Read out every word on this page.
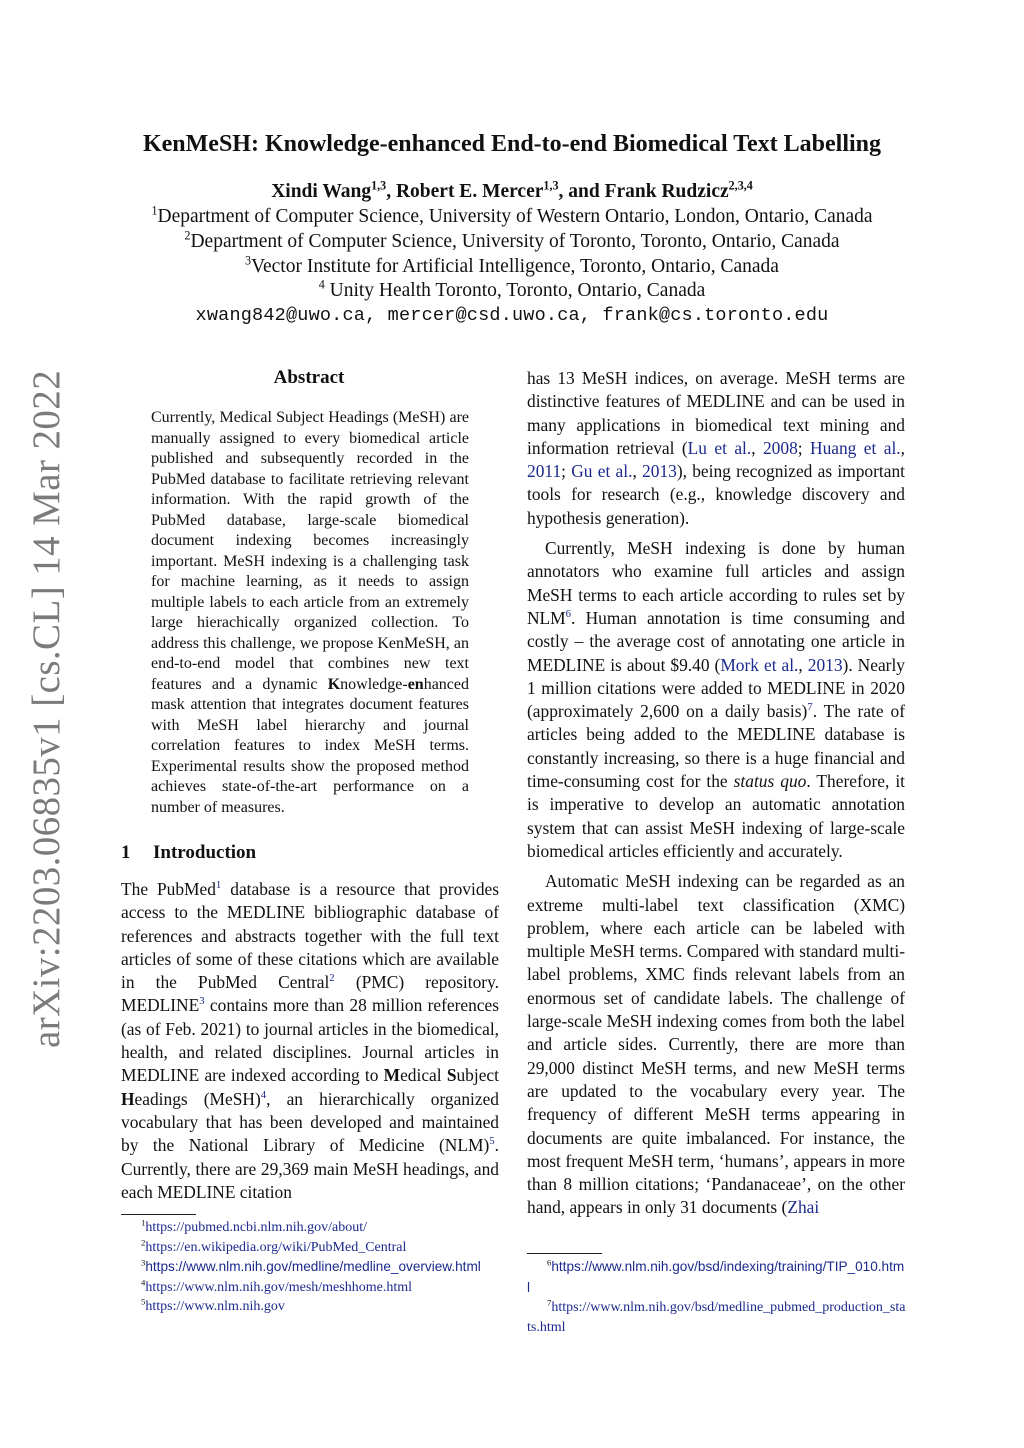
arXiv:2203.06835v1 [cs.CL] 14 Mar 2022
KenMeSH: Knowledge-enhanced End-to-end Biomedical Text Labelling
Xindi Wang$^{1,3}$, Robert E. Mercer$^{1,3}$, and Frank Rudzicz$^{2,3,4}$
$^1$Department of Computer Science, University of Western Ontario, London, Ontario, Canada
$^2$Department of Computer Science, University of Toronto, Toronto, Ontario, Canada
$^3$Vector Institute for Artificial Intelligence, Toronto, Ontario, Canada
$^4$ Unity Health Toronto, Toronto, Ontario, Canada
xwang842@uwo.ca, mercer@csd.uwo.ca, frank@cs.toronto.edu
Abstract
Currently, Medical Subject Headings (MeSH) are manually assigned to every biomedical article published and subsequently recorded in the PubMed database to facilitate retrieving relevant information. With the rapid growth of the PubMed database, large-scale biomedical document indexing becomes increasingly important. MeSH indexing is a challenging task for machine learning, as it needs to assign multiple labels to each article from an extremely large hierachically organized collection. To address this challenge, we propose KenMeSH, an end-to-end model that combines new text features and a dynamic Knowledge-enhanced mask attention that integrates document features with MeSH label hierarchy and journal correlation features to index MeSH terms. Experimental results show the proposed method achieves state-of-the-art performance on a number of measures.
1 Introduction

The PubMed$^1$ database is a resource that provides access to the MEDLINE bibliographic database of references and abstracts together with the full text articles of some of these citations which are available in the PubMed Central$^2$ (PMC) repository. MEDLINE$^3$ contains more than 28 million references (as of Feb. 2021) to journal articles in the biomedical, health, and related disciplines. Journal articles in MEDLINE are indexed according to Medical Subject Headings (MeSH)$^4$, an hierarchically organized vocabulary that has been developed and maintained by the National Library of Medicine (NLM)$^5$. Currently, there are 29,369 main MeSH headings, and each MEDLINE citation

$^1$https://pubmed.ncbi.nlm.nih.gov/about/

$^2$https://en.wikipedia.org/wiki/PubMed_Central

$^3$https://www.nlm.nih.gov/medline/medline_overview.html

$^4$https://www.nlm.nih.gov/mesh/meshhome.html

$^5$https://www.nlm.nih.gov

has 13 MeSH indices, on average. MeSH terms are distinctive features of MEDLINE and can be used in many applications in biomedical text mining and information retrieval (Lu et al., 2008; Huang et al., 2011; Gu et al., 2013), being recognized as important tools for research (e.g., knowledge discovery and hypothesis generation).

Currently, MeSH indexing is done by human annotators who examine full articles and assign MeSH terms to each article according to rules set by NLM$^6$. Human annotation is time consuming and costly – the average cost of annotating one article in MEDLINE is about $9.40 (Mork et al., 2013). Nearly 1 million citations were added to MEDLINE in 2020 (approximately 2,600 on a daily basis)$^7$. The rate of articles being added to the MEDLINE database is constantly increasing, so there is a huge financial and time-consuming cost for the status quo. Therefore, it is imperative to develop an automatic annotation system that can assist MeSH indexing of large-scale biomedical articles efficiently and accurately.

Automatic MeSH indexing can be regarded as an extreme multi-label text classification (XMC) problem, where each article can be labeled with multiple MeSH terms. Compared with standard multi-label problems, XMC finds relevant labels from an enormous set of candidate labels. The challenge of large-scale MeSH indexing comes from both the label and article sides. Currently, there are more than 29,000 distinct MeSH terms, and new MeSH terms are updated to the vocabulary every year. The frequency of different MeSH terms appearing in documents are quite imbalanced. For instance, the most frequent MeSH term, ‘humans’, appears in more than 8 million citations; ‘Pandanaceae’, on the other hand, appears in only 31 documents (Zhai

$^6$https://www.nlm.nih.gov/bsd/indexing/training/TIP_010.html

$^7$https://www.nlm.nih.gov/bsd/medline_pubmed_production_stats.html
